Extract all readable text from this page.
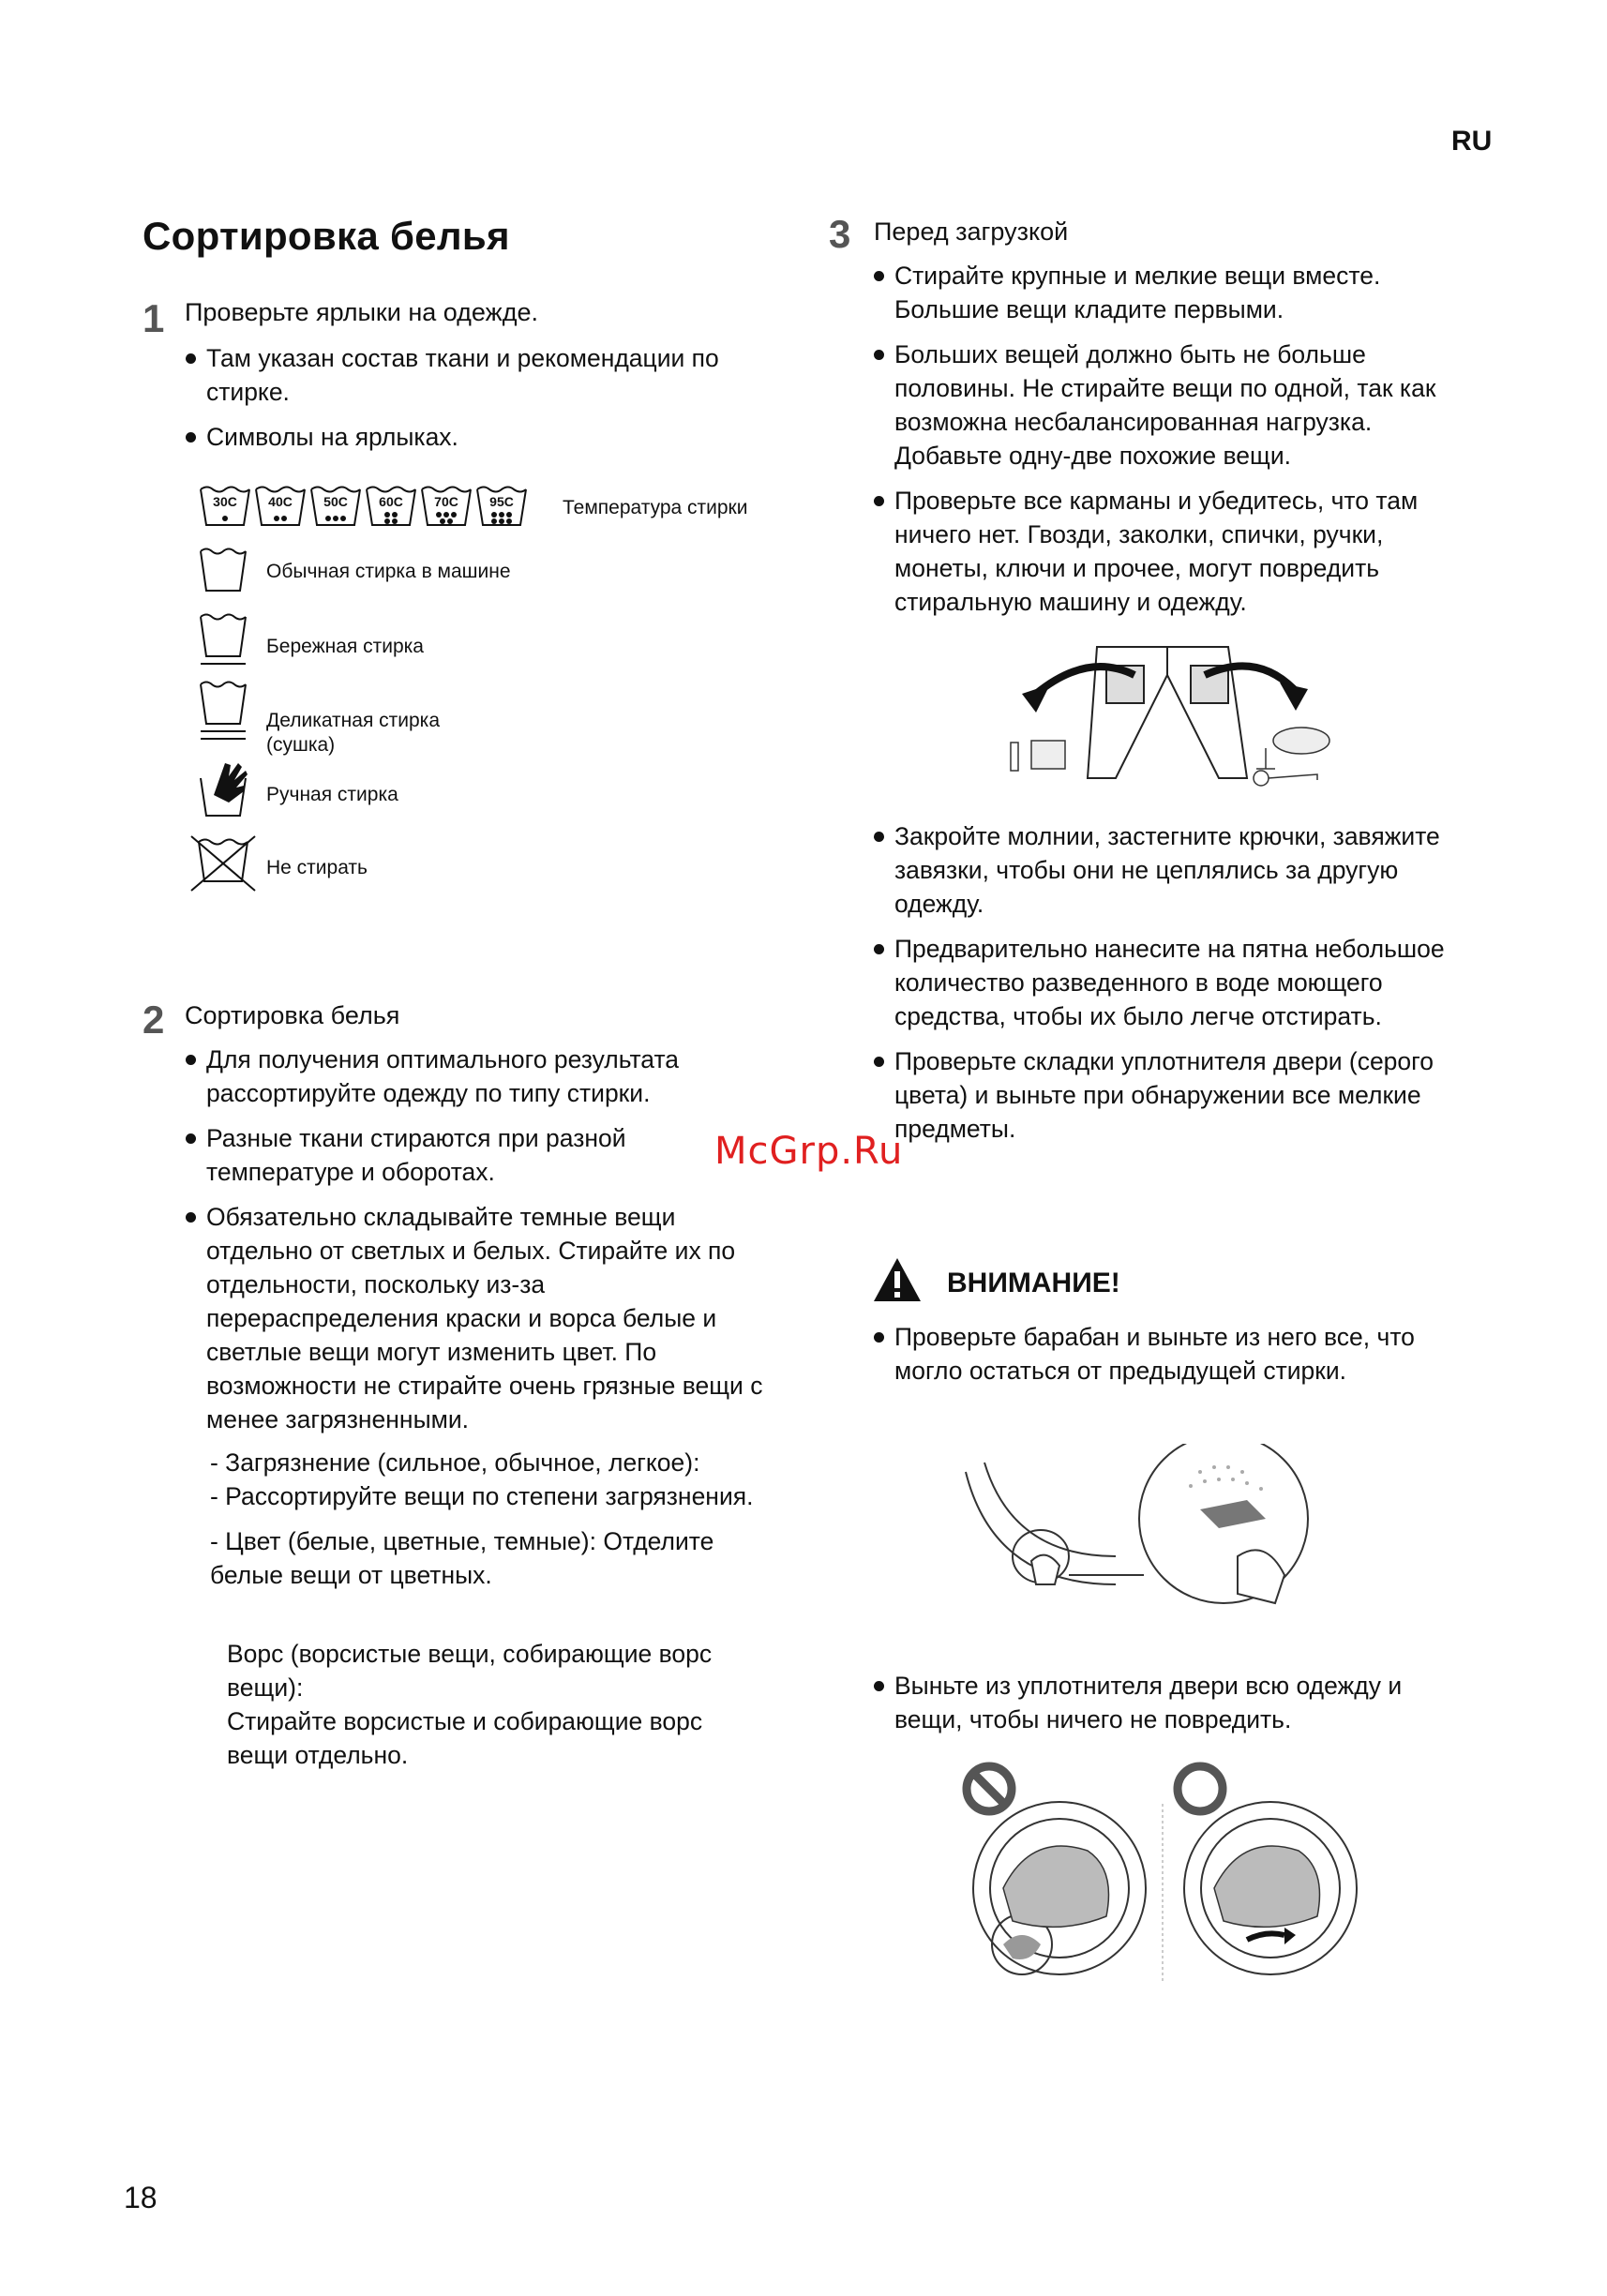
RU
Сортировка белья
1 Проверьте ярлыки на одежде.
Там указан состав ткани и рекомендации по стирке.
Символы на ярлыках.
30C 40C 50C 60C 70C 95C Температура стирки
Обычная стирка в машине
Бережная стирка
Деликатная стирка (сушка)
Ручная стирка
Не стирать
2 Сортировка белья
Для получения оптимального результата рассортируйте одежду по типу стирки.
Разные ткани стираются при разной температуре и оборотах.
Обязательно складывайте темные вещи отдельно от светлых и белых. Стирайте их по отдельности, поскольку из-за перераспределения краски и ворса белые и светлые вещи могут изменить цвет. По возможности не стирайте очень грязные вещи с менее загрязненными.
- Загрязнение (сильное, обычное, легкое):
- Рассортируйте вещи по степени загрязнения.
- Цвет (белые, цветные, темные): Отделите белые вещи от цветных.
Ворс (ворсистые вещи, собирающие ворс вещи):
Стирайте ворсистые и собирающие ворс вещи отдельно.
3 Перед загрузкой
Стирайте крупные и мелкие вещи вместе. Большие вещи кладите первыми.
Больших вещей должно быть не больше половины. Не стирайте вещи по одной, так как возможна несбалансированная нагрузка. Добавьте одну-две похожие вещи.
Проверьте все карманы и убедитесь, что там ничего нет. Гвозди, заколки, спички, ручки, монеты, ключи и прочее, могут повредить стиральную машину и одежду.
Закройте молнии, застегните крючки, завяжите завязки, чтобы они не цеплялись за другую одежду.
Предварительно нанесите на пятна небольшое количество разведенного в воде моющего средства, чтобы их было легче отстирать.
Проверьте складки уплотнителя двери (серого цвета) и выньте при обнаружении все мелкие предметы.
McGrp.Ru
ВНИМАНИЕ!
Проверьте барабан и выньте из него все, что могло остаться от предыдущей стирки.
Выньте из уплотнителя двери всю одежду и вещи, чтобы ничего не повредить.
18
